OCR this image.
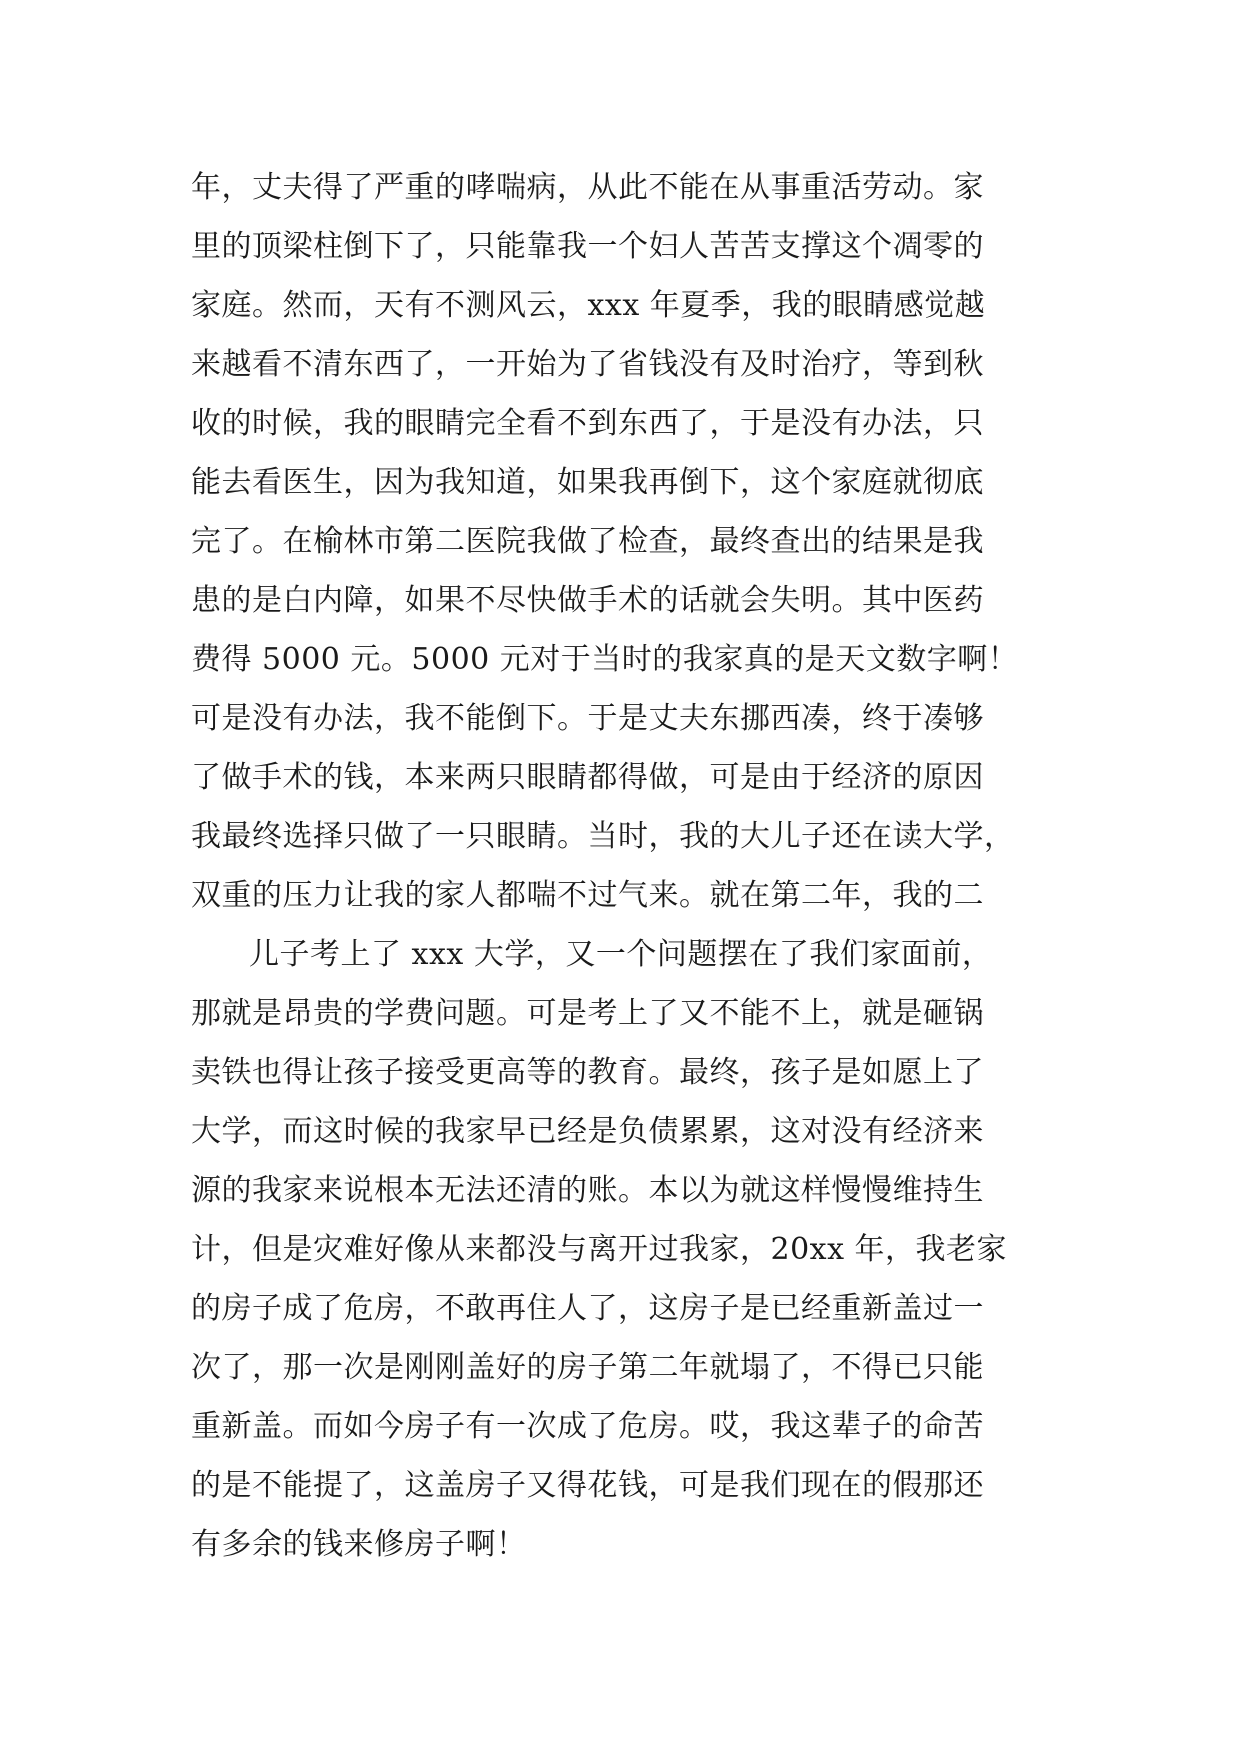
年，丈夫得了严重的哮喘病，从此不能在从事重活劳动。家
里的顶梁柱倒下了，只能靠我一个妇人苦苦支撑这个凋零的
家庭。然而，天有不测风云，xxx 年夏季，我的眼睛感觉越
来越看不清东西了，一开始为了省钱没有及时治疗，等到秋
收的时候，我的眼睛完全看不到东西了，于是没有办法，只
能去看医生，因为我知道，如果我再倒下，这个家庭就彻底
完了。在榆林市第二医院我做了检查，最终查出的结果是我
患的是白内障，如果不尽快做手术的话就会失明。其中医药
费得 5000 元。5000 元对于当时的我家真的是天文数字啊！
可是没有办法，我不能倒下。于是丈夫东挪西凑，终于凑够
了做手术的钱，本来两只眼睛都得做，可是由于经济的原因
我最终选择只做了一只眼睛。当时，我的大儿子还在读大学，
双重的压力让我的家人都喘不过气来。就在第二年，我的二
儿子考上了 xxx 大学，又一个问题摆在了我们家面前，
那就是昂贵的学费问题。可是考上了又不能不上，就是砸锅
卖铁也得让孩子接受更高等的教育。最终，孩子是如愿上了
大学，而这时候的我家早已经是负债累累，这对没有经济来
源的我家来说根本无法还清的账。本以为就这样慢慢维持生
计，但是灾难好像从来都没与离开过我家，20xx 年，我老家
的房子成了危房，不敢再住人了，这房子是已经重新盖过一
次了，那一次是刚刚盖好的房子第二年就塌了，不得已只能
重新盖。而如今房子有一次成了危房。哎，我这辈子的命苦
的是不能提了，这盖房子又得花钱，可是我们现在的假那还
有多余的钱来修房子啊！
